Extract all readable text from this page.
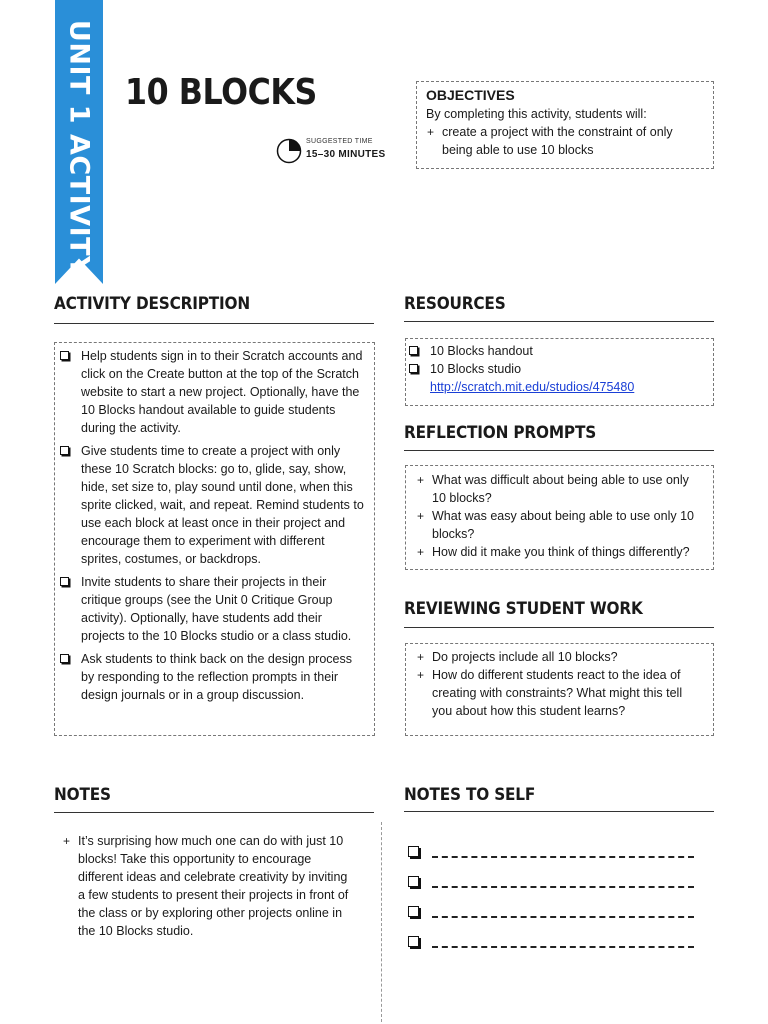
UNIT 1 ACTIVITY 10 BLOCKS
SUGGESTED TIME
15–30 MINUTES
OBJECTIVES
By completing this activity, students will:
+ create a project with the constraint of only being able to use 10 blocks
ACTIVITY DESCRIPTION
Help students sign in to their Scratch accounts and click on the Create button at the top of the Scratch website to start a new project. Optionally, have the 10 Blocks handout available to guide students during the activity.
Give students time to create a project with only these 10 Scratch blocks: go to, glide, say, show, hide, set size to, play sound until done, when this sprite clicked, wait, and repeat. Remind students to use each block at least once in their project and encourage them to experiment with different sprites, costumes, or backdrops.
Invite students to share their projects in their critique groups (see the Unit 0 Critique Group activity). Optionally, have students add their projects to the 10 Blocks studio or a class studio.
Ask students to think back on the design process by responding to the reflection prompts in their design journals or in a group discussion.
RESOURCES
10 Blocks handout
10 Blocks studio
http://scratch.mit.edu/studios/475480
REFLECTION PROMPTS
+ What was difficult about being able to use only 10 blocks?
+ What was easy about being able to use only 10 blocks?
+ How did it make you think of things differently?
REVIEWING STUDENT WORK
+ Do projects include all 10 blocks?
+ How do different students react to the idea of creating with constraints? What might this tell you about how this student learns?
NOTES
+ It’s surprising how much one can do with just 10 blocks! Take this opportunity to encourage different ideas and celebrate creativity by inviting a few students to present their projects in front of the class or by exploring other projects online in the 10 Blocks studio.
NOTES TO SELF
